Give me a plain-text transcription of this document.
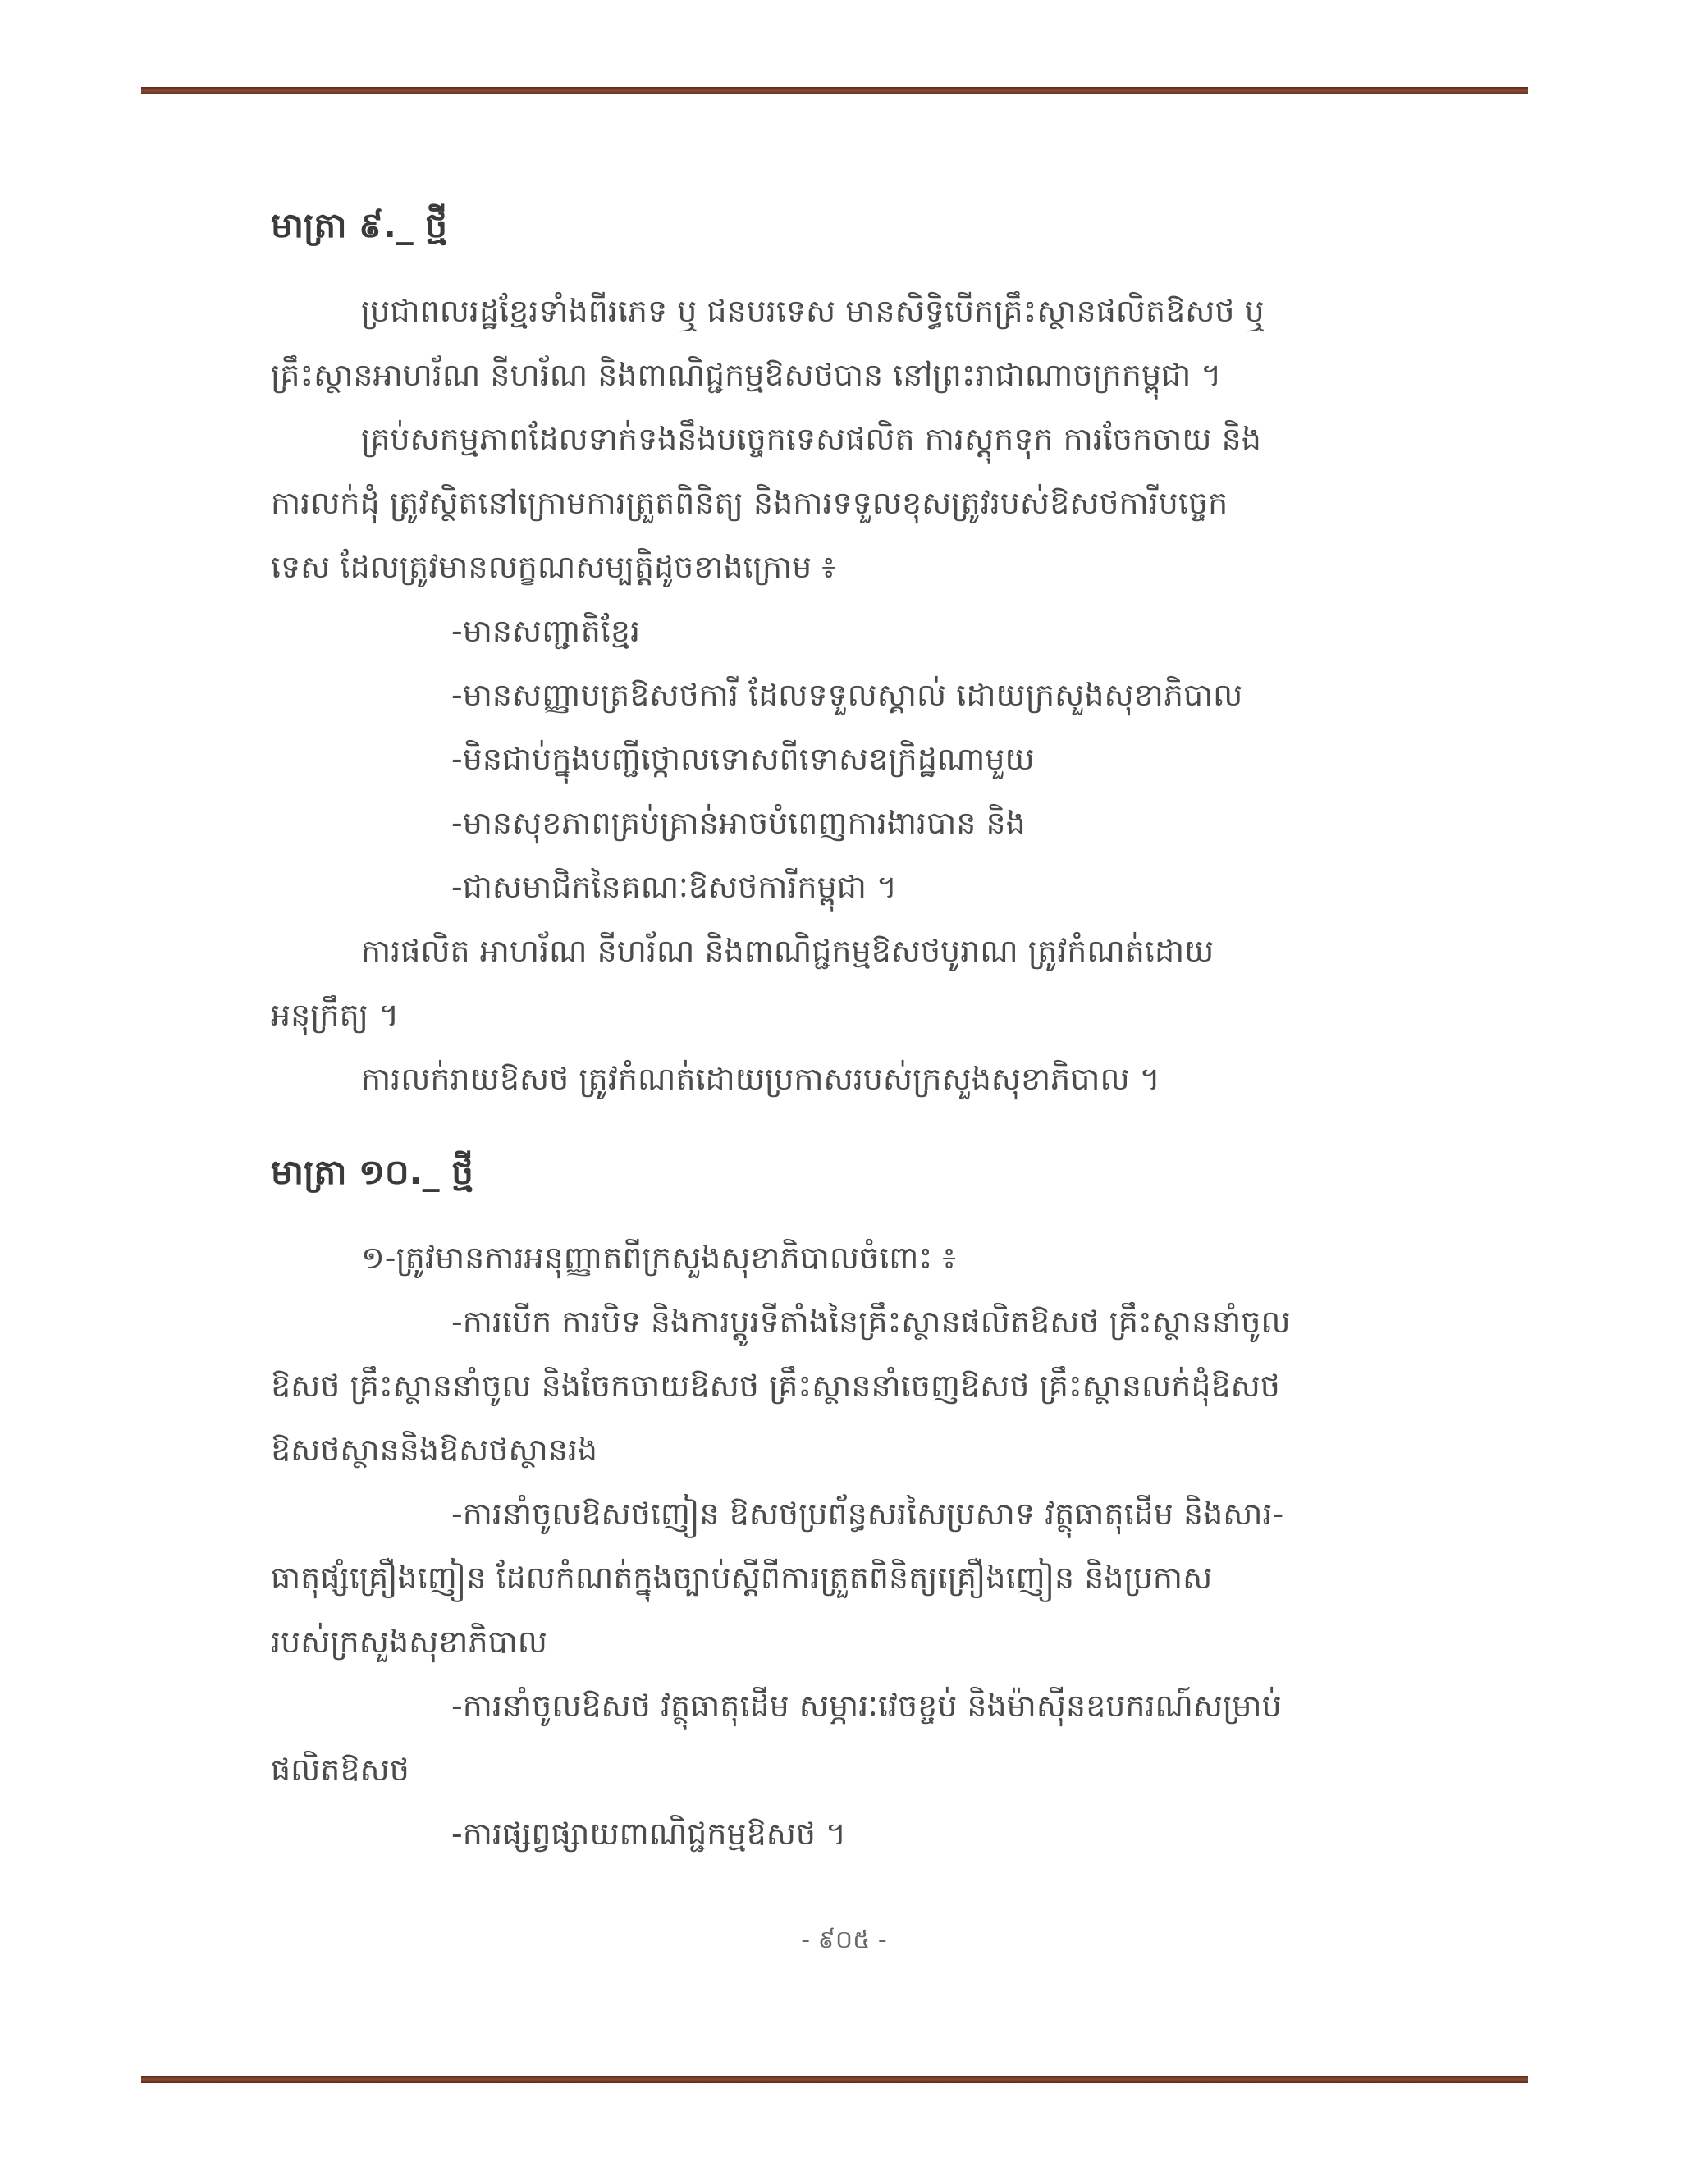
មាត្រា ៩.​_ ថ្មី

ប្រជាពលរដ្ឋខ្មែរទាំងពីរភេទ ឬ ជនបរទេស មានសិទ្ធិបើកគ្រឹះស្ថានផលិតឱសថ ឬ

គ្រឹះស្ថានអាហរ័ណ នីហរ័ណ និងពាណិជ្ជកម្មឱសថបាន នៅព្រះរាជាណាចក្រកម្ពុជា ។

គ្រប់សកម្មភាពដែលទាក់ទងនឹងបច្ចេកទេសផលិត ការស្តុកទុក ការចែកចាយ និង

ការលក់ដុំ ត្រូវស្ថិតនៅក្រោមការត្រួតពិនិត្យ និងការទទួលខុសត្រូវរបស់ឱសថការីបច្ចេក

ទេស ដែលត្រូវមានលក្ខណសម្បត្តិដូចខាងក្រោម ៖

-មានសញ្ជាតិខ្មែរ

-មានសញ្ញាបត្រឱសថការី ដែលទទួលស្គាល់ ដោយក្រសួងសុខាភិបាល

-មិនជាប់ក្នុងបញ្ជីថ្កោលទោសពីទោសឧក្រិដ្ឋណាមួយ

-មានសុខភាពគ្រប់គ្រាន់អាចបំពេញការងារបាន និង

-ជាសមាជិកនៃគណៈឱសថការីកម្ពុជា ។

ការផលិត អាហរ័ណ នីហរ័ណ និងពាណិជ្ជកម្មឱសថបូរាណ ត្រូវកំណត់ដោយ

អនុក្រឹត្យ ។

ការលក់រាយឱសថ ត្រូវកំណត់ដោយប្រកាសរបស់ក្រសួងសុខាភិបាល ។

មាត្រា ១០.​_ ថ្មី

១-ត្រូវមានការអនុញ្ញាតពីក្រសួងសុខាភិបាលចំពោះ ៖

-ការបើក ការបិទ និងការប្តូរទីតាំងនៃគ្រឹះស្ថានផលិតឱសថ គ្រឹះស្ថាននាំចូល

ឱសថ គ្រឹះស្ថាននាំចូល និងចែកចាយឱសថ គ្រឹះស្ថាននាំចេញឱសថ គ្រឹះស្ថានលក់ដុំឱសថ

ឱសថស្ថាននិងឱសថស្ថានរង

-ការនាំចូលឱសថញៀន ឱសថប្រព័ន្ធសរសៃប្រសាទ វត្ថុធាតុដើម និងសារ-

ធាតុផ្សំគ្រឿងញៀន ដែលកំណត់ក្នុងច្បាប់ស្តីពីការត្រួតពិនិត្យគ្រឿងញៀន និងប្រកាស

របស់ក្រសួងសុខាភិបាល

-ការនាំចូលឱសថ វត្ថុធាតុដើម សម្ភារៈវេចខ្ចប់ និងម៉ាស៊ីនឧបករណ៍សម្រាប់

ផលិតឱសថ

-ការផ្សព្វផ្សាយពាណិជ្ជកម្មឱសថ ។

- ៩០៥ -
